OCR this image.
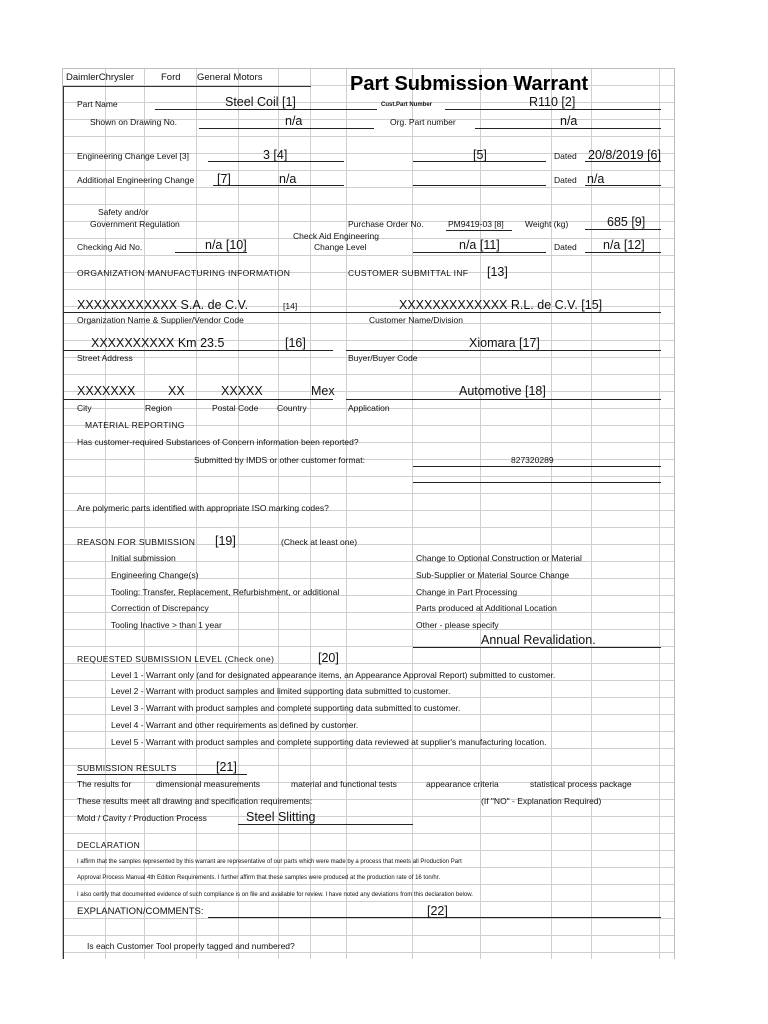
DaimlerChrysler	Ford General Motors	Part Submission Warrant
Part Name	Steel Coil [1]	Cust.Part Number	R110 [2]
Shown on Drawing No.	n/a	Org. Part number	n/a
Engineering Change Level [3]	3 [4]	[5]	Dated 20/8/2019 [6]
Additional Engineering Change [7]	n/a	Dated n/a
Safety and/or
Government Regulation	Purchase Order No.	PM9419-03 [8] Weight (kg)	685 [9]
Checking Aid No.	n/a [10]
Check Aid Engineering
Change Level	n/a [11]	Dated n/a [12]
ORGANIZATION MANUFACTURING INFORMATION	CUSTOMER SUBMITTAL INF [13]
XXXXXXXXXXXX S.A. de C.V.	[14]	XXXXXXXXXXXXX R.L. de C.V. [15]
Organization Name & Supplier/Vendor Code	Customer Name/Division
XXXXXXXXXX Km 23.5	[16]	Xiomara [17]
Street Address	Buyer/Buyer Code
XXXXXXX	XX	XXXXX	Mex	Automotive [18]
City	Region	Postal Code Country	Application
MATERIAL REPORTING
Has customer-required Substances of Concern information been reported?
Submitted by IMDS or other customer format:	827320289
Are polymeric parts identified with appropriate ISO marking codes?
REASON FOR SUBMISSION [19]	(Check at least one)
Initial submission
Engineering Change(s)
Tooling: Transfer, Replacement, Refurbishment, or additional
Correction of Discrepancy
Tooling Inactive > than 1 year
Change to Optional Construction or Material
Sub-Supplier or Material Source Change
Change in Part Processing
Parts produced at Additional Location
Other - please specify
Annual Revalidation.
REQUESTED SUBMISSION LEVEL (Check one)	[20]
Level 1 - Warrant only (and for designated appearance items, an Appearance Approval Report) submitted to customer.
Level 2 - Warrant with product samples and limited supporting data submitted to customer.
Level 3 - Warrant with product samples and complete supporting data submitted to customer.
Level 4 - Warrant and other requirements as defined by customer.
Level 5 - Warrant with product samples and complete supporting data reviewed at supplier's manufacturing location.
SUBMISSION RESULTS	[21]
The results for	dimensional measurements	material and functional tests	appearance criteria	statistical process package
These results meet all drawing and specification requirements:	(If "NO" - Explanation Required)
Mold / Cavity / Production Process	Steel Slitting
DECLARATION
I affirm that the samples represented by this warrant are representative of our parts which were made by a process that meets all Production Part
Approval Process Manual 4th Edition Requirements. I further affirm that these samples were produced at the production rate of 16 ton/hr.
I also certify that documented evidence of such compliance is on file and available for review. I have noted any deviations from this declaration below.
EXPLANATION/COMMENTS:	[22]
Is each Customer Tool properly tagged and numbered?
